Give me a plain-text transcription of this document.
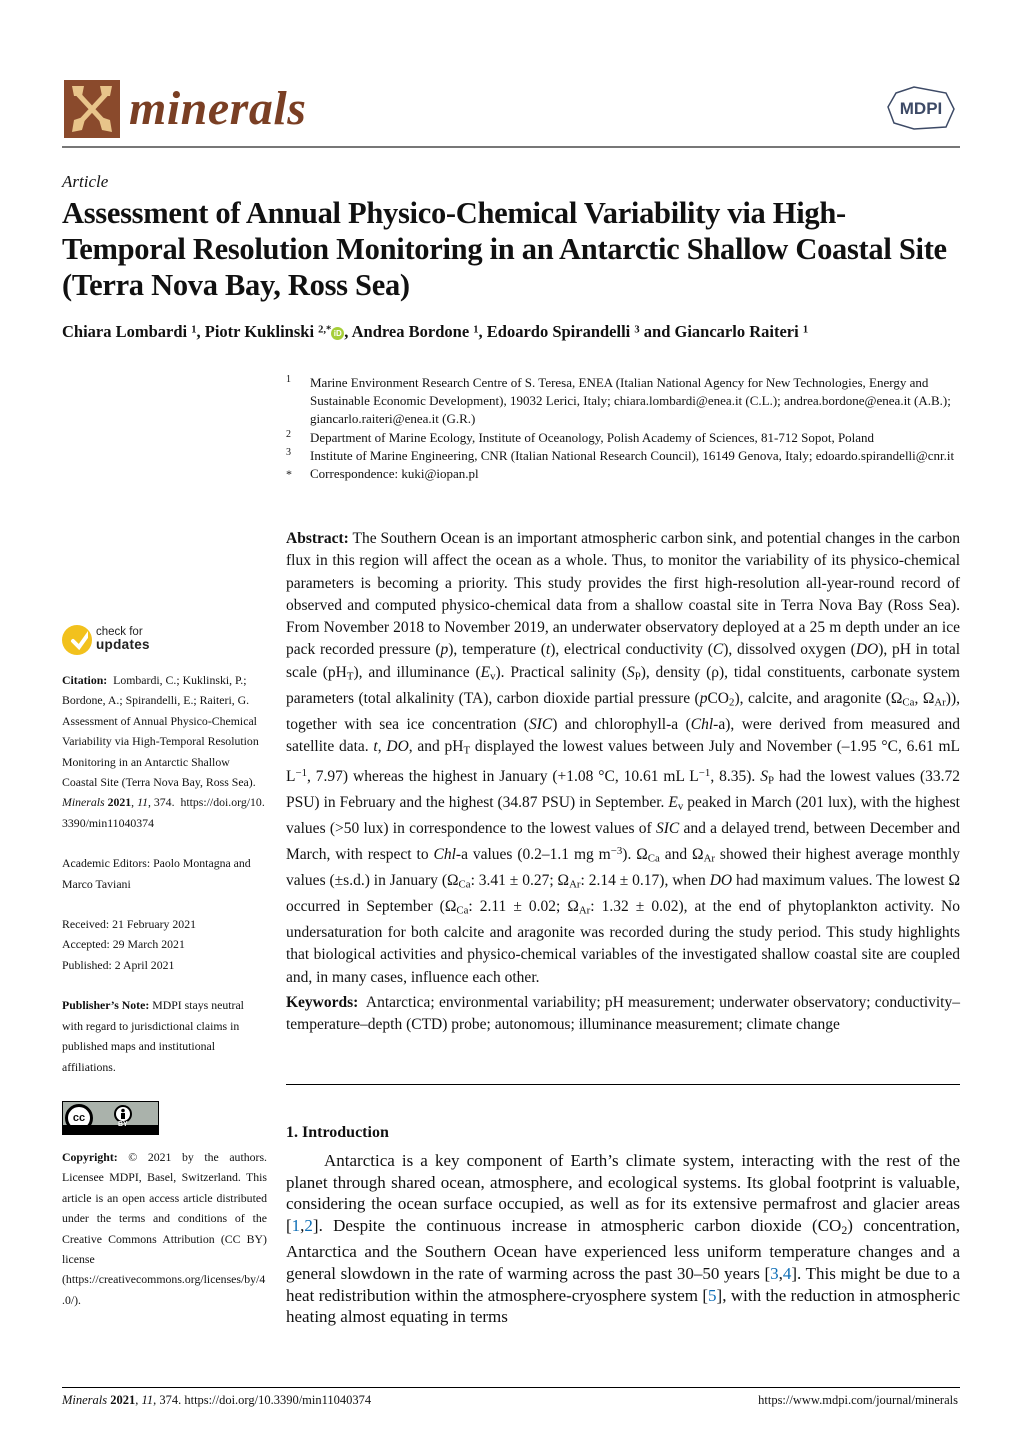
minerals	MDPI
Article
Assessment of Annual Physico-Chemical Variability via High-Temporal Resolution Monitoring in an Antarctic Shallow Coastal Site (Terra Nova Bay, Ross Sea)
Chiara Lombardi $^1$, Piotr Kuklinski $^{2,*}$ iD , Andrea Bordone $^1$, Edoardo Spirandelli $^3$ and Giancarlo Raiteri $^1$
1 Marine Environment Research Centre of S. Teresa, ENEA (Italian National Agency for New Technologies, Energy and Sustainable Economic Development), 19032 Lerici, Italy; chiara.lombardi@enea.it (C.L.); andrea.bordone@enea.it (A.B.); giancarlo.raiteri@enea.it (G.R.)
2 Department of Marine Ecology, Institute of Oceanology, Polish Academy of Sciences, 81-712 Sopot, Poland
3 Institute of Marine Engineering, CNR (Italian National Research Council), 16149 Genova, Italy; edoardo.spirandelli@cnr.it
* Correspondence: kuki@iopan.pl
check for
updates
Citation: Lombardi, C.; Kuklinski, P.; Bordone, A.; Spirandelli, E.; Raiteri, G. Assessment of Annual Physico-Chemical Variability via High-Temporal Resolution Monitoring in an Antarctic Shallow Coastal Site (Terra Nova Bay, Ross Sea). Minerals 2021, 11, 374. https://doi.org/10.3390/min11040374
Academic Editors: Paolo Montagna and Marco Taviani
Received: 21 February 2021
Accepted: 29 March 2021
Published: 2 April 2021
Publisher’s Note: MDPI stays neutral with regard to jurisdictional claims in published maps and institutional affiliations.
cc
BY
Copyright: © 2021 by the authors. Licensee MDPI, Basel, Switzerland. This article is an open access article distributed under the terms and conditions of the Creative Commons Attribution (CC BY) license (https://creativecommons.org/licenses/by/4.0/).
Abstract: The Southern Ocean is an important atmospheric carbon sink, and potential changes in the carbon flux in this region will affect the ocean as a whole. Thus, to monitor the variability of its physico-chemical parameters is becoming a priority. This study provides the first high-resolution all-year-round record of observed and computed physico-chemical data from a shallow coastal site in Terra Nova Bay (Ross Sea). From November 2018 to November 2019, an underwater observatory deployed at a 25 m depth under an ice pack recorded pressure (p), temperature (t), electrical conductivity (C), dissolved oxygen (DO), pH in total scale $(pH_T)$, and illuminance $(E_v)$. Practical salinity $(S_P)$, density (ρ), tidal constituents, carbonate system parameters (total alkalinity (TA), carbon dioxide partial pressure (pCO$_2$), calcite, and aragonite ($\Omega_{Ca}$, $\Omega_{Ar}$)), together with sea ice concentration (SIC) and chlorophyll-a (Chl-a), were derived from measured and satellite data. t, DO, and $pH_T$ displayed the lowest values between July and November (–1.95 °C, 6.61 mL $L^{-1}$, 7.97) whereas the highest in January (+1.08 °C, 10.61 mL $L^{-1}$, 8.35). $S_P$ had the lowest values (33.72 PSU) in February and the highest (34.87 PSU) in September. $E_v$ peaked in March (201 lux), with the highest values (>50 lux) in correspondence to the lowest values of SIC and a delayed trend, between December and March, with respect to Chl-a values (0.2–1.1 mg $m^{-3}$). $\Omega_{Ca}$ and $\Omega_{Ar}$ showed their highest average monthly values (±s.d.) in January ($\Omega_{Ca}$: 3.41 ± 0.27; $\Omega_{Ar}$: 2.14 ± 0.17), when DO had maximum values. The lowest Ω occurred in September ($\Omega_{Ca}$: 2.11 ± 0.02; $\Omega_{Ar}$: 1.32 ± 0.02), at the end of phytoplankton activity. No undersaturation for both calcite and aragonite was recorded during the study period. This study highlights that biological activities and physico-chemical variables of the investigated shallow coastal site are coupled and, in many cases, influence each other.
Keywords: Antarctica; environmental variability; pH measurement; underwater observatory; conductivity–temperature–depth (CTD) probe; autonomous; illuminance measurement; climate change
1. Introduction
Antarctica is a key component of Earth’s climate system, interacting with the rest of the planet through shared ocean, atmosphere, and ecological systems. Its global footprint is valuable, considering the ocean surface occupied, as well as for its extensive permafrost and glacier areas [1,2]. Despite the continuous increase in atmospheric carbon dioxide $(CO_2)$ concentration, Antarctica and the Southern Ocean have experienced less uniform temperature changes and a general slowdown in the rate of warming across the past 30–50 years [3,4]. This might be due to a heat redistribution within the atmosphere-cryosphere system [5], with the reduction in atmospheric heating almost equating in terms
Minerals 2021, 11, 374. https://doi.org/10.3390/min11040374	https://www.mdpi.com/journal/minerals
